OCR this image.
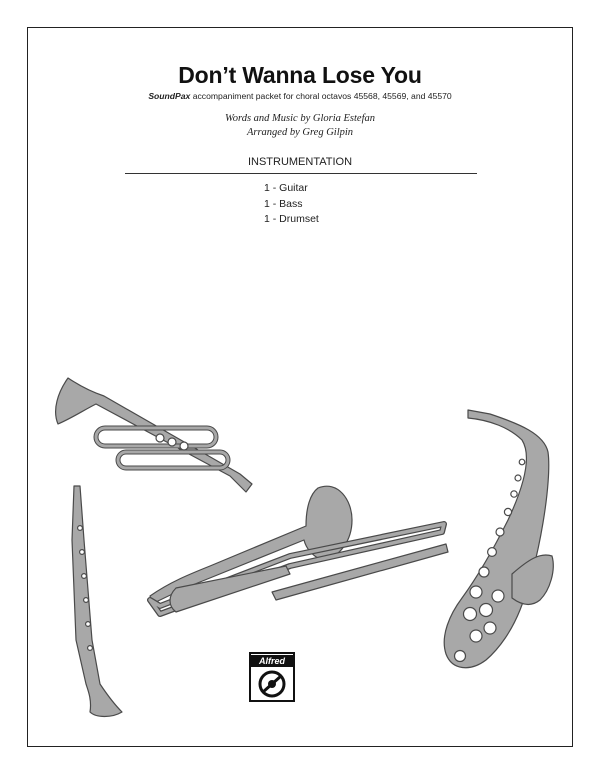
Don’t Wanna Lose You
SoundPax accompaniment packet for choral octavos 45568, 45569, and 45570
Words and Music by Gloria Estefan
Arranged by Greg Gilpin
INSTRUMENTATION
1 - Guitar
1 - Bass
1 - Drumset
Alfred
